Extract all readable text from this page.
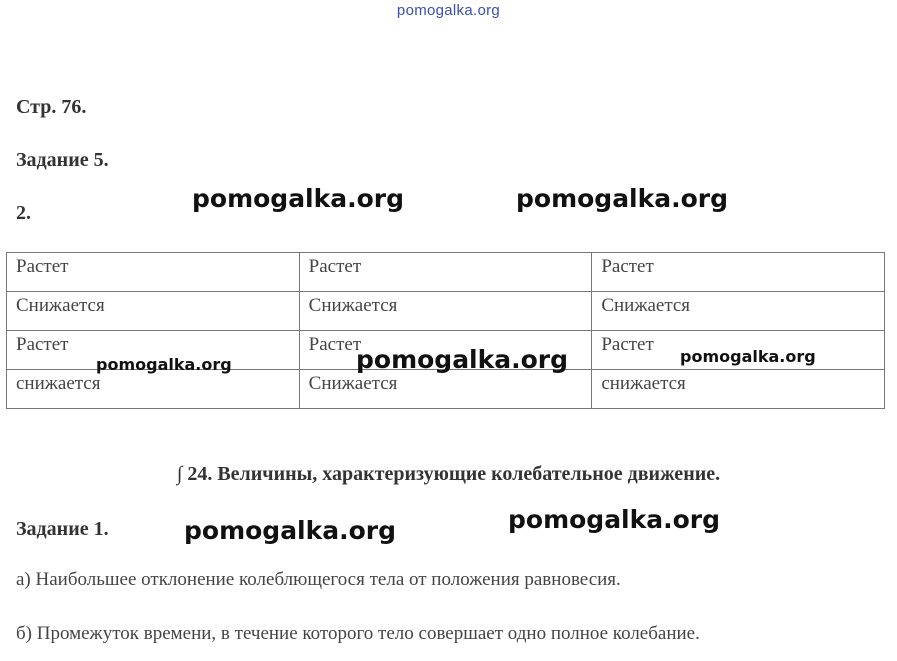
pomogalka.org
Стр. 76.
Задание 5.
2.	pomogalka.org	pomogalka.org
Растет	Растет	Растет
Снижается	Снижается	Снижается
Растет	Растет	Растет
снижается	Снижается	снижается
pomogalka.org	pomogalka.org	pomogalka.org
∫ 24. Величины, характеризующие колебательное движение.
Задание 1.	pomogalka.org	pomogalka.org
а) Наибольшее отклонение колеблющегося тела от положения равновесия.
б) Промежуток времени, в течение которого тело совершает одно полное колебание.
